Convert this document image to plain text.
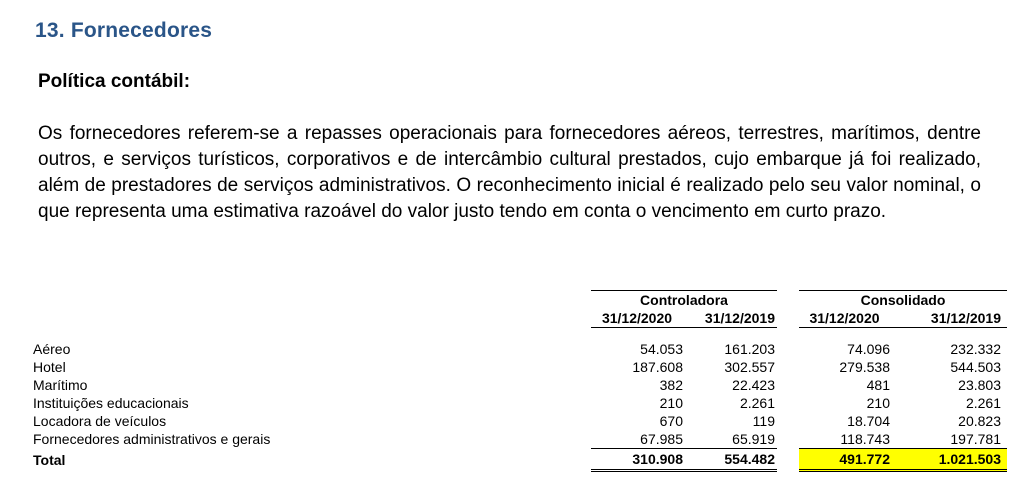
13. Fornecedores
Política contábil:
Os fornecedores referem-se a repasses operacionais para fornecedores aéreos, terrestres, marítimos, dentre outros, e serviços turísticos, corporativos e de intercâmbio cultural prestados, cujo embarque já foi realizado, além de prestadores de serviços administrativos. O reconhecimento inicial é realizado pelo seu valor nominal, o que representa uma estimativa razoável do valor justo tendo em conta o vencimento em curto prazo.
	Controladora			Consolidado	
	31/12/2020	31/12/2019		31/12/2020	31/12/2019

Aéreo	54.053	161.203		74.096	232.332
Hotel	187.608	302.557		279.538	544.503
Marítimo	382	22.423		481	23.803
Instituições educacionais	210	2.261		210	2.261
Locadora de veículos	670	119		18.704	20.823
Fornecedores administrativos e gerais	67.985	65.919		118.743	197.781
Total	310.908	554.482		491.772	1.021.503
